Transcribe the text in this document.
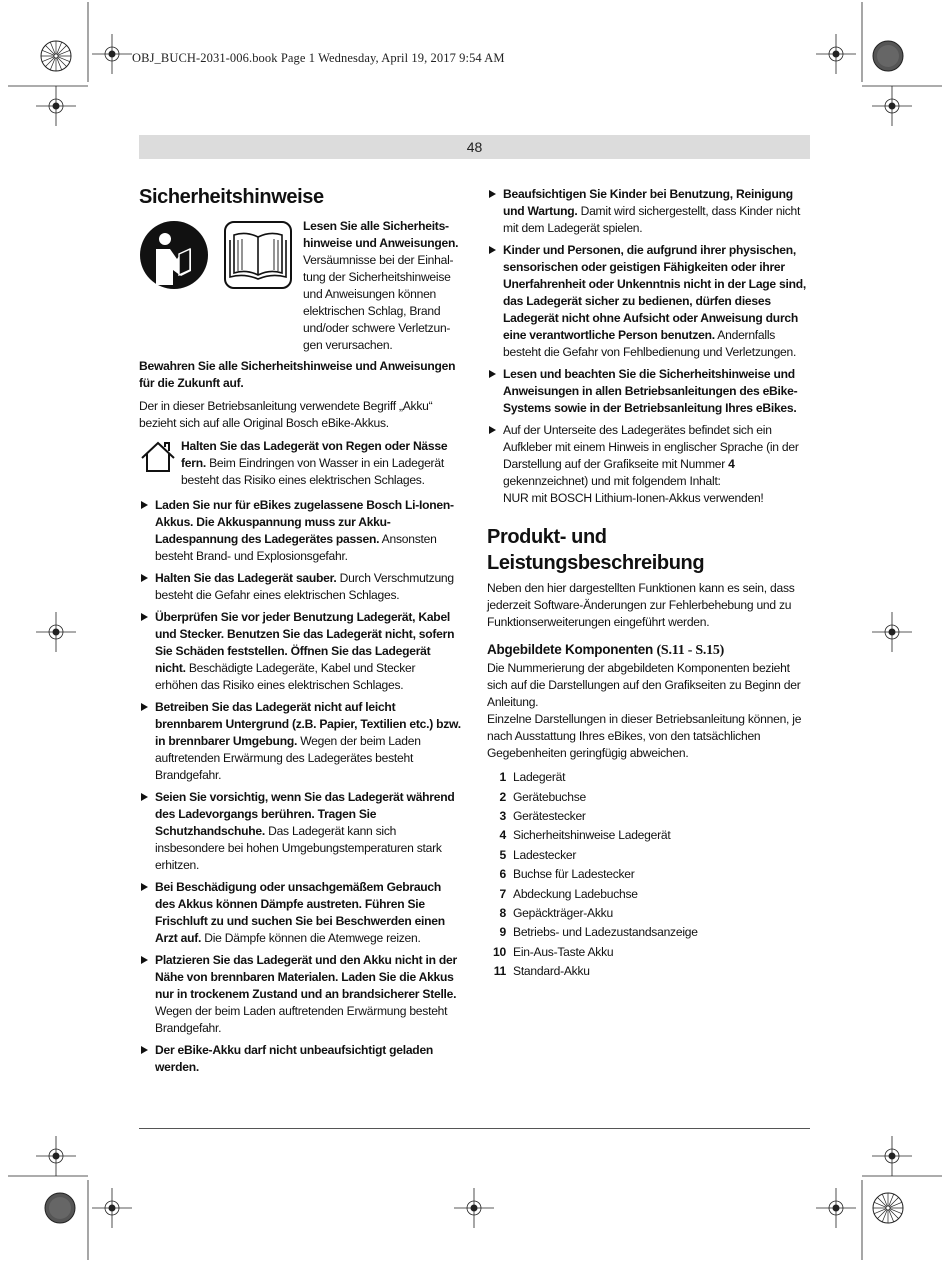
OBJ_BUCH-2031-006.book Page 1 Wednesday, April 19, 2017 9:54 AM
48
Sicherheitshinweise
Lesen Sie alle Sicherheits-
hinweise und Anweisungen.
Versäumnisse bei der Einhal-
tung der Sicherheitshinweise
und Anweisungen können
elektrischen Schlag, Brand
und/oder schwere Verletzun-
gen verursachen.
Bewahren Sie alle Sicherheitshinweise und Anweisungen für die Zukunft auf.
Der in dieser Betriebsanleitung verwendete Begriff „Akku“ bezieht sich auf alle Original Bosch eBike-Akkus.
Halten Sie das Ladegerät von Regen oder Nässe fern. Beim Eindringen von Wasser in ein Ladegerät besteht das Risiko eines elektrischen Schlages.
Laden Sie nur für eBikes zugelassene Bosch Li-Ionen-Akkus. Die Akkuspannung muss zur Akku-Ladespannung des Ladegerätes passen. Ansonsten besteht Brand- und Explosionsgefahr.
Halten Sie das Ladegerät sauber. Durch Verschmutzung besteht die Gefahr eines elektrischen Schlages.
Überprüfen Sie vor jeder Benutzung Ladegerät, Kabel und Stecker. Benutzen Sie das Ladegerät nicht, sofern Sie Schäden feststellen. Öffnen Sie das Ladegerät nicht. Beschädigte Ladegeräte, Kabel und Stecker erhöhen das Risiko eines elektrischen Schlages.
Betreiben Sie das Ladegerät nicht auf leicht brennbarem Untergrund (z.B. Papier, Textilien etc.) bzw. in brennbarer Umgebung. Wegen der beim Laden auftretenden Erwärmung des Ladegerätes besteht Brandgefahr.
Seien Sie vorsichtig, wenn Sie das Ladegerät während des Ladevorgangs berühren. Tragen Sie Schutzhandschuhe. Das Ladegerät kann sich insbesondere bei hohen Umgebungstemperaturen stark erhitzen.
Bei Beschädigung oder unsachgemäßem Gebrauch des Akkus können Dämpfe austreten. Führen Sie Frischluft zu und suchen Sie bei Beschwerden einen Arzt auf. Die Dämpfe können die Atemwege reizen.
Platzieren Sie das Ladegerät und den Akku nicht in der Nähe von brennbaren Materialen. Laden Sie die Akkus nur in trockenem Zustand und an brandsicherer Stelle. Wegen der beim Laden auftretenden Erwärmung besteht Brandgefahr.
Der eBike-Akku darf nicht unbeaufsichtigt geladen werden.
Beaufsichtigen Sie Kinder bei Benutzung, Reinigung und Wartung. Damit wird sichergestellt, dass Kinder nicht mit dem Ladegerät spielen.
Kinder und Personen, die aufgrund ihrer physischen, sensorischen oder geistigen Fähigkeiten oder ihrer Unerfahrenheit oder Unkenntnis nicht in der Lage sind, das Ladegerät sicher zu bedienen, dürfen dieses Ladegerät nicht ohne Aufsicht oder Anweisung durch eine verantwortliche Person benutzen. Andernfalls besteht die Gefahr von Fehlbedienung und Verletzungen.
Lesen und beachten Sie die Sicherheitshinweise und Anweisungen in allen Betriebsanleitungen des eBike-Systems sowie in der Betriebsanleitung Ihres eBikes.
Auf der Unterseite des Ladegerätes befindet sich ein Aufkleber mit einem Hinweis in englischer Sprache (in der Darstellung auf der Grafikseite mit Nummer 4 gekennzeichnet) und mit folgendem Inhalt:
NUR mit BOSCH Lithium-Ionen-Akkus verwenden!
Produkt- und Leistungsbeschreibung
Neben den hier dargestellten Funktionen kann es sein, dass jederzeit Software-Änderungen zur Fehlerbehebung und zu Funktionserweiterungen eingeführt werden.
Abgebildete Komponenten (S.11 - S.15)
Die Nummerierung der abgebildeten Komponenten bezieht sich auf die Darstellungen auf den Grafikseiten zu Beginn der Anleitung.
Einzelne Darstellungen in dieser Betriebsanleitung können, je nach Ausstattung Ihres eBikes, von den tatsächlichen Gegebenheiten geringfügig abweichen.
1 Ladegerät
2 Gerätebuchse
3 Gerätestecker
4 Sicherheitshinweise Ladegerät
5 Ladestecker
6 Buchse für Ladestecker
7 Abdeckung Ladebuchse
8 Gepäckträger-Akku
9 Betriebs- und Ladezustandsanzeige
10 Ein-Aus-Taste Akku
11 Standard-Akku
